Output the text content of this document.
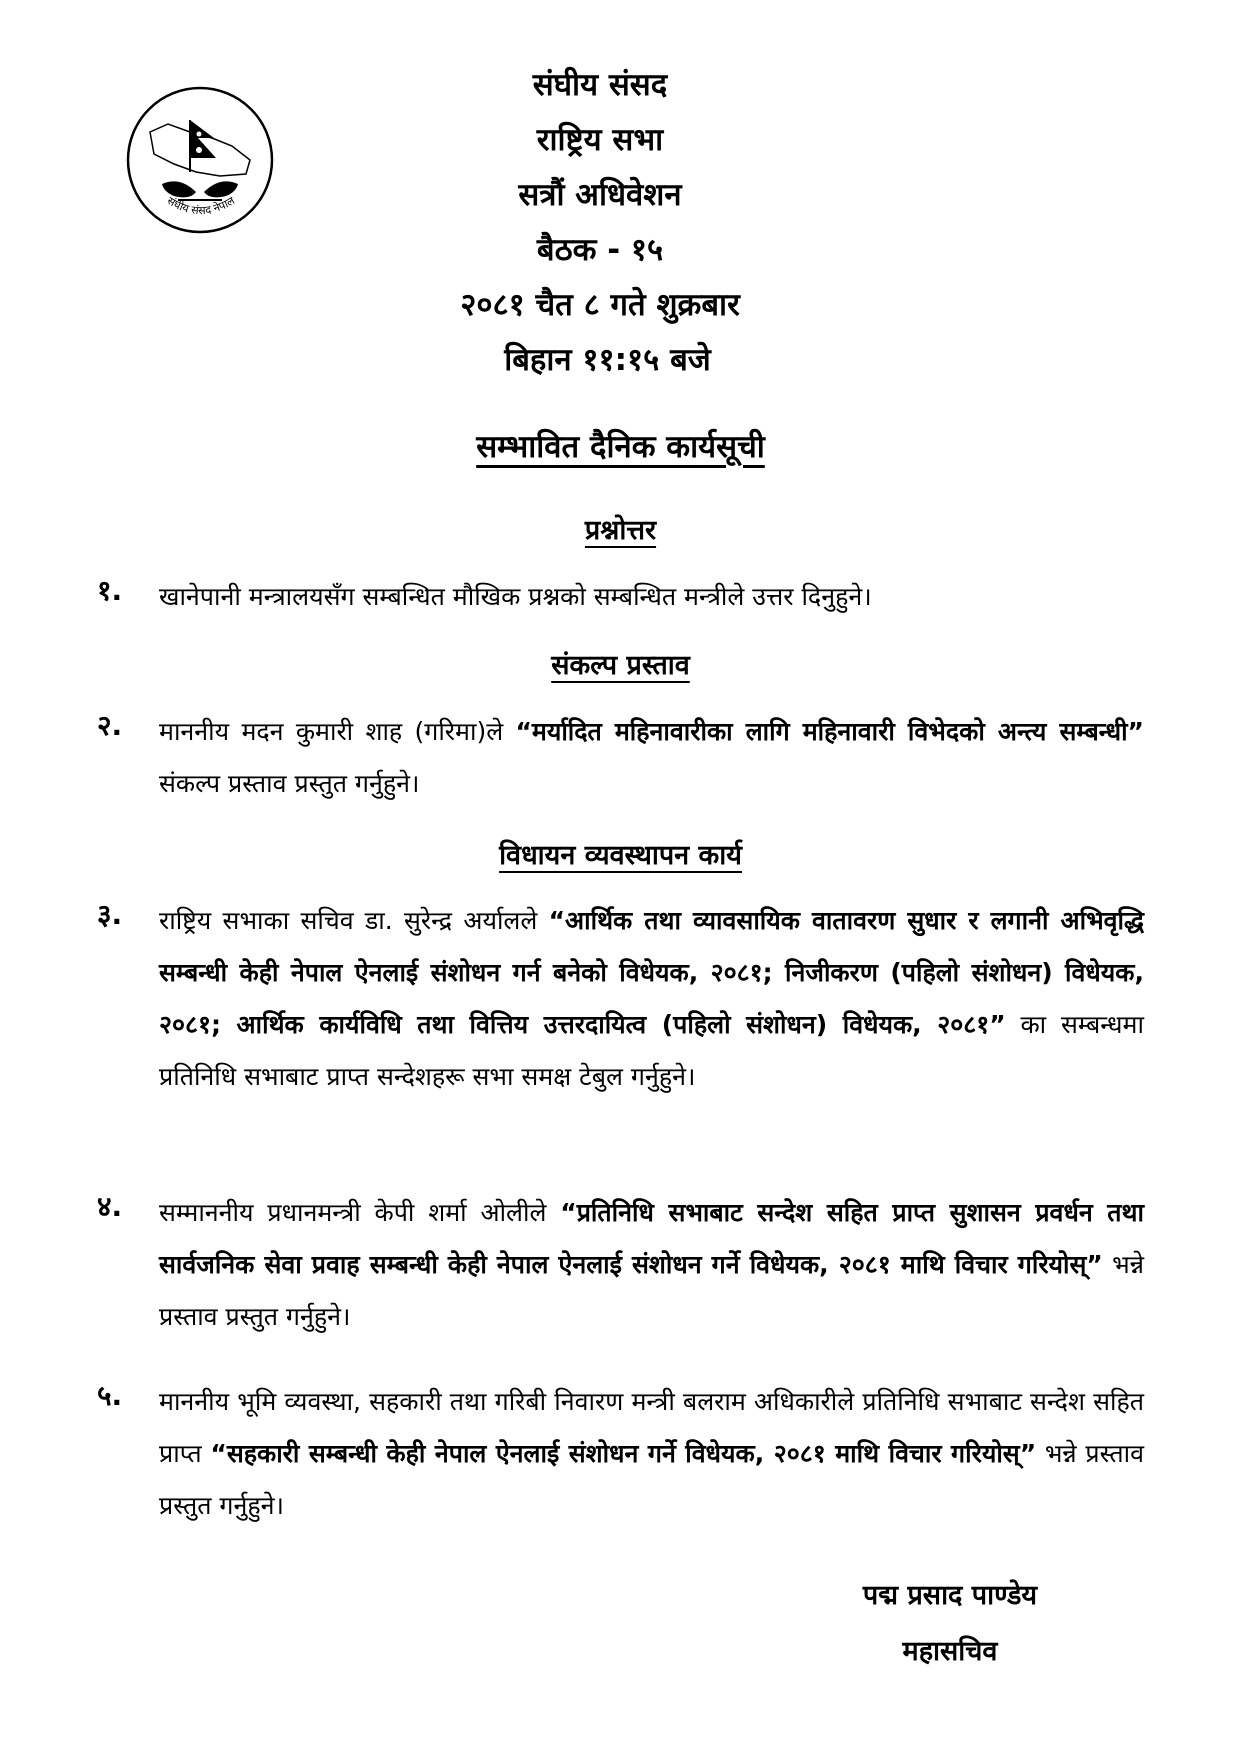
संघीय संसद नेपाल
संघीय संसद
राष्ट्रिय सभा
सत्रौं अधिवेशन
बैठक - १५
२०८१ चैत ८ गते शुक्रबार
बिहान ११:१५ बजे
सम्भावित दैनिक कार्यसूची
प्रश्नोत्तर
१. खानेपानी मन्त्रालयसँग सम्बन्धित मौखिक प्रश्नको सम्बन्धित मन्त्रीले उत्तर दिनुहुने।
संकल्प प्रस्ताव
२. माननीय मदन कुमारी शाह (गरिमा)ले “मर्यादित महिनावारीका लागि महिनावारी विभेदको अन्त्य सम्बन्धी” संकल्प प्रस्ताव प्रस्तुत गर्नुहुने।
विधायन व्यवस्थापन कार्य
३. राष्ट्रिय सभाका सचिव डा. सुरेन्द्र अर्यालले “आर्थिक तथा व्यावसायिक वातावरण सुधार र लगानी अभिवृद्धि सम्बन्धी केही नेपाल ऐनलाई संशोधन गर्न बनेको विधेयक, २०८१; निजीकरण (पहिलो संशोधन) विधेयक, २०८१; आर्थिक कार्यविधि तथा वित्तिय उत्तरदायित्व (पहिलो संशोधन) विधेयक, २०८१” का सम्बन्धमा प्रतिनिधि सभाबाट प्राप्त सन्देशहरू सभा समक्ष टेबुल गर्नुहुने।
४. सम्माननीय प्रधानमन्त्री केपी शर्मा ओलीले “प्रतिनिधि सभाबाट सन्देश सहित प्राप्त सुशासन प्रवर्धन तथा सार्वजनिक सेवा प्रवाह सम्बन्धी केही नेपाल ऐनलाई संशोधन गर्ने विधेयक, २०८१ माथि विचार गरियोस्” भन्ने प्रस्ताव प्रस्तुत गर्नुहुने।
५. माननीय भूमि व्यवस्था, सहकारी तथा गरिबी निवारण मन्त्री बलराम अधिकारीले प्रतिनिधि सभाबाट सन्देश सहित प्राप्त “सहकारी सम्बन्धी केही नेपाल ऐनलाई संशोधन गर्ने विधेयक, २०८१ माथि विचार गरियोस्” भन्ने प्रस्ताव प्रस्तुत गर्नुहुने।
पद्म प्रसाद पाण्डेय
महासचिव
